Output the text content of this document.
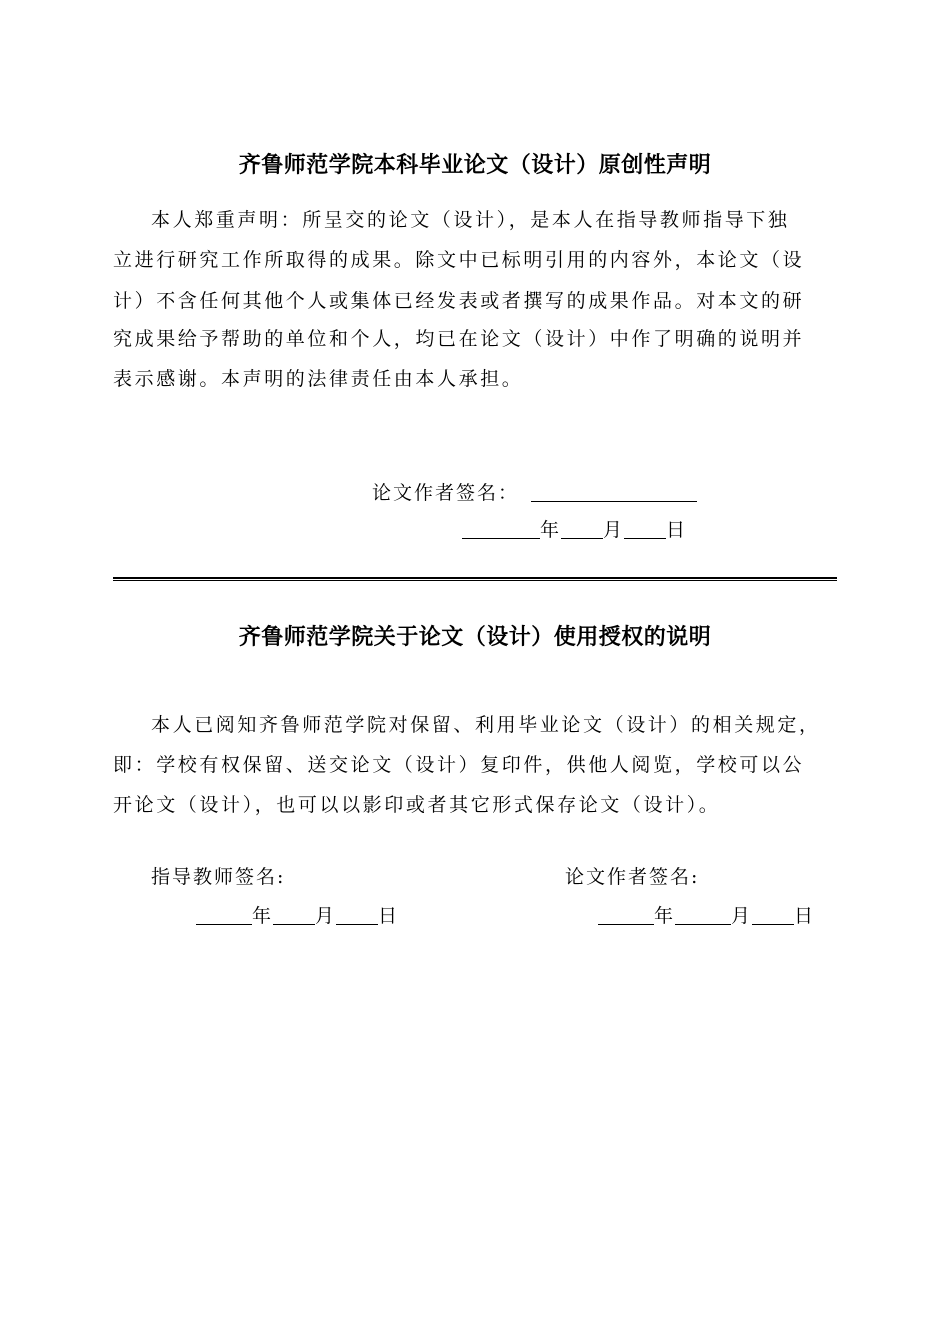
齐鲁师范学院本科毕业论文（设计）原创性声明
本人郑重声明：所呈交的论文（设计），是本人在指导教师指导下独
立进行研究工作所取得的成果。除文中已标明引用的内容外，本论文（设
计）不含任何其他个人或集体已经发表或者撰写的成果作品。对本文的研
究成果给予帮助的单位和个人，均已在论文（设计）中作了明确的说明并
表示感谢。本声明的法律责任由本人承担。
论文作者签名：
年 月 日
齐鲁师范学院关于论文（设计）使用授权的说明
本人已阅知齐鲁师范学院对保留、利用毕业论文（设计）的相关规定，
即：学校有权保留、送交论文（设计）复印件，供他人阅览，学校可以公
开论文（设计），也可以以影印或者其它形式保存论文（设计）。
指导教师签名:	论文作者签名:
年 月 日	年	月 日
